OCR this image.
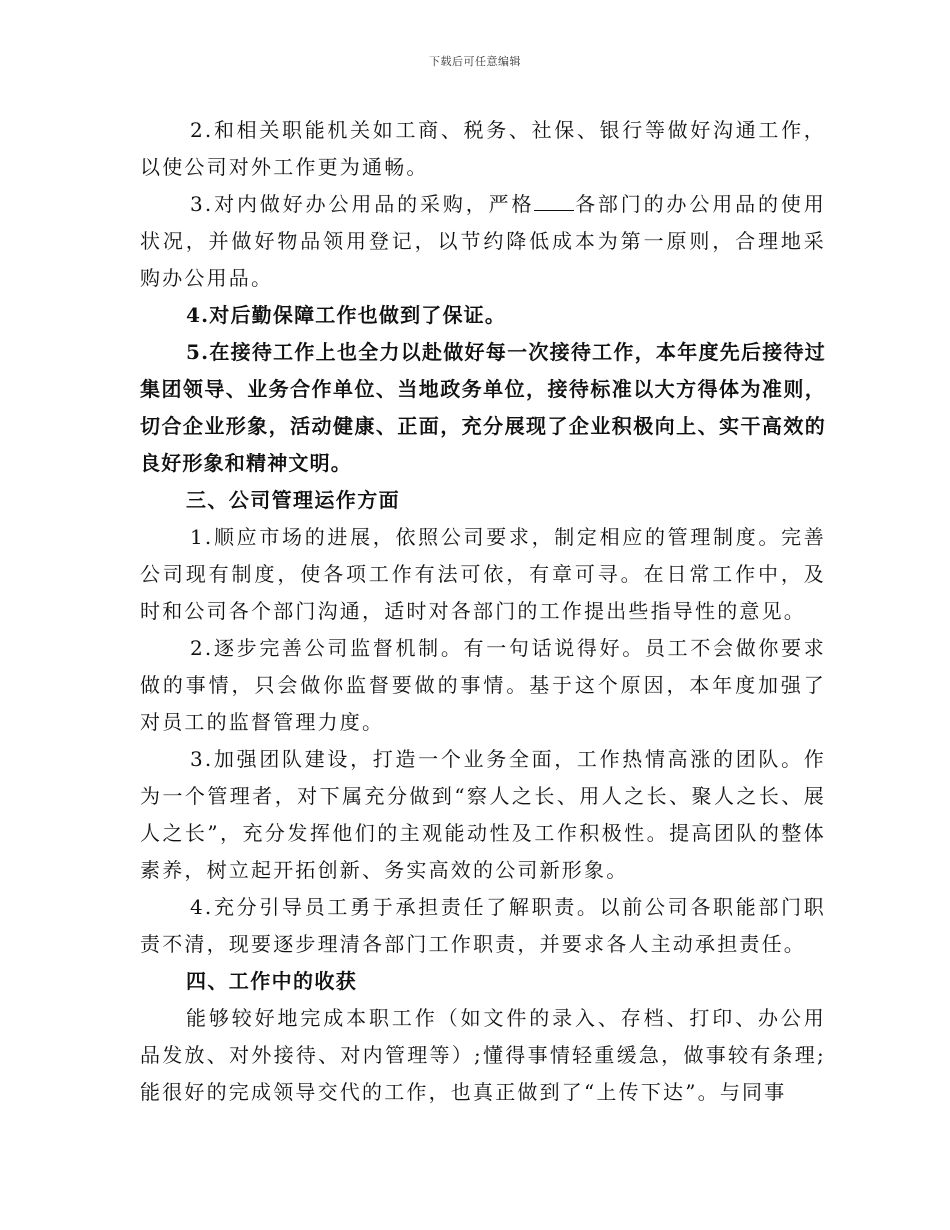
下载后可任意编辑

2.和相关职能机关如工商、税务、社保、银行等做好沟通工作，以使公司对外工作更为通畅。

3.对内做好办公用品的采购，严格 各部门的办公用品的使用状况，并做好物品领用登记，以节约降低成本为第一原则，合理地采购办公用品。

4.对后勤保障工作也做到了保证。

5.在接待工作上也全力以赴做好每一次接待工作，本年度先后接待过集团领导、业务合作单位、当地政务单位，接待标准以大方得体为准则，切合企业形象，活动健康、正面，充分展现了企业积极向上、实干高效的良好形象和精神文明。

三、公司管理运作方面

1.顺应市场的进展，依照公司要求，制定相应的管理制度。完善公司现有制度，使各项工作有法可依，有章可寻。在日常工作中，及时和公司各个部门沟通，适时对各部门的工作提出些指导性的意见。

2.逐步完善公司监督机制。有一句话说得好。员工不会做你要求做的事情，只会做你监督要做的事情。基于这个原因，本年度加强了对员工的监督管理力度。

3.加强团队建设，打造一个业务全面，工作热情高涨的团队。作为一个管理者，对下属充分做到“察人之长、用人之长、聚人之长、展人之长”，充分发挥他们的主观能动性及工作积极性。提高团队的整体素养，树立起开拓创新、务实高效的公司新形象。

4.充分引导员工勇于承担责任了解职责。以前公司各职能部门职责不清，现要逐步理清各部门工作职责，并要求各人主动承担责任。

四、工作中的收获

能够较好地完成本职工作（如文件的录入、存档、打印、办公用品发放、对外接待、对内管理等）;懂得事情轻重缓急，做事较有条理;能很好的完成领导交代的工作，也真正做到了“上传下达”。与同事
